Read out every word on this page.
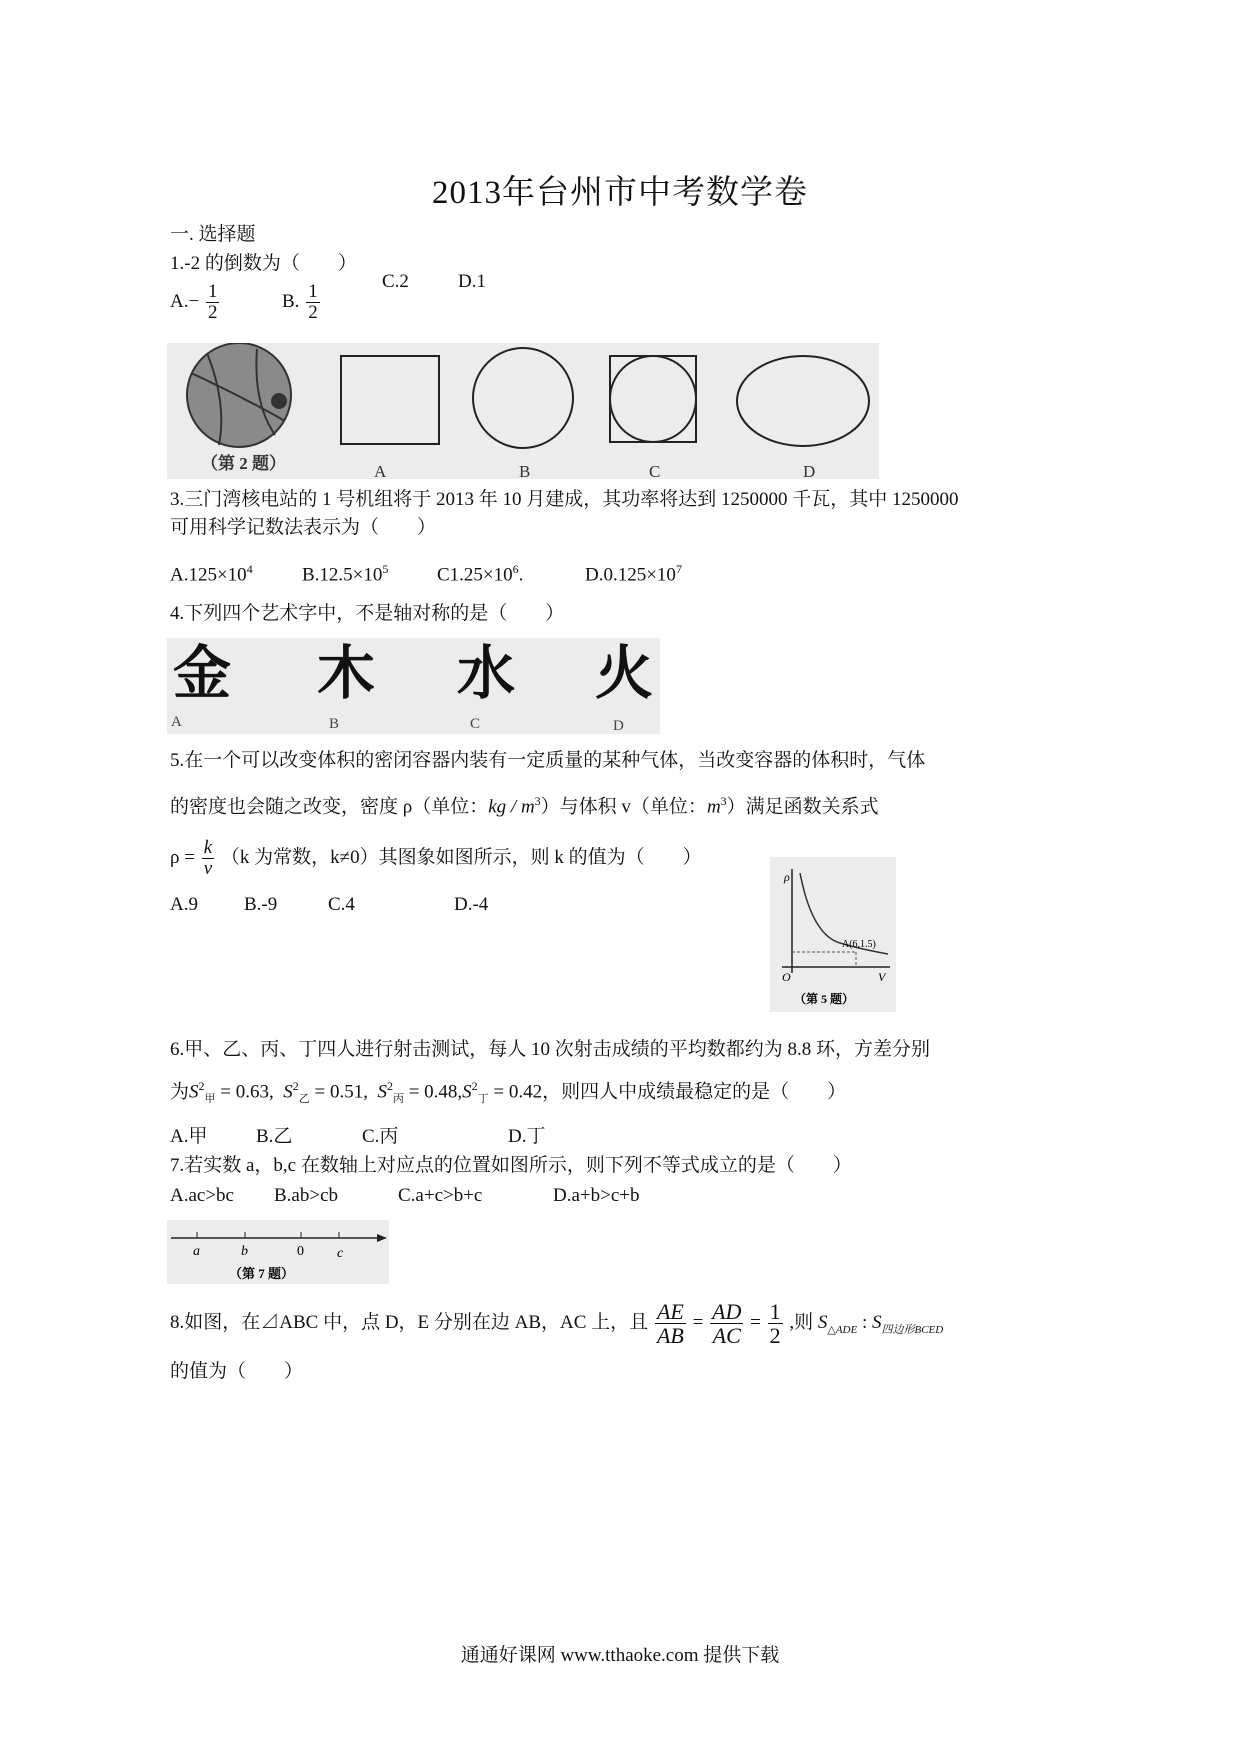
2013年台州市中考数学卷
一. 选择题
1.-2 的倒数为（　　）
$A.- \frac{1}{2}$	B. $\frac{1}{2}$
C.2	D.1
（第 2 题）	A	B	C	D
3.三门湾核电站的 1 号机组将于 2013 年 10 月建成，其功率将达到 1250000 千瓦，其中 1250000
可用科学记数法表示为（　　）
$A.125\times 10^4$	$B.12.5\times 10^5$	$C1.25\times 10^6$.	$D.0.125\times 10^7$
4.下列四个艺术字中，不是轴对称的是（　　）
金 木 水 火
A	B	C	D
5.在一个可以改变体积的密闭容器内装有一定质量的某种气体，当改变容器的体积时，气体
的密度也会随之改变，密度 ρ（单位：kg / $m^3$）与体积 v（单位：$m^3$）满足函数关系式
$\rho = \frac{k}{v} (k$ 为常数，k≠0）其图象如图所示，则 k 的值为（　　）
A.9 B.-9	C.4	D.-4
ρ
V
O
A(6,1.5)
（第 5 题）
6.甲、乙、丙、丁四人进行射击测试，每人 10 次射击成绩的平均数都约为 8.8 环，方差分别
为$S^2_甲 = 0.63$, $S^2_乙 = 0.51$, $S^2_丙 = 0.48,S^2_丁 = 0.42$，则四人中成绩最稳定的是（　　）
A.甲	B.乙	C.丙	D.丁
7.若实数 a，b,c 在数轴上对应点的位置如图所示，则下列不等式成立的是（　　）
A.ac>bc B.ab>cb	C.a+c>b+c	D.a+b>c+b
a	b	0 c
（第 7 题）
8.如图，在⊿ABC 中，点 D，E 分别在边 AB，AC 上，且 $\frac{AE}{AB} = \frac{AD}{AC} = \frac{1}{2}$ ,则 $S_{\triangle ADE}$ : $S_{四边形BCED}$
的值为（　　）
通通好课网 www.tthaoke.com 提供下载
